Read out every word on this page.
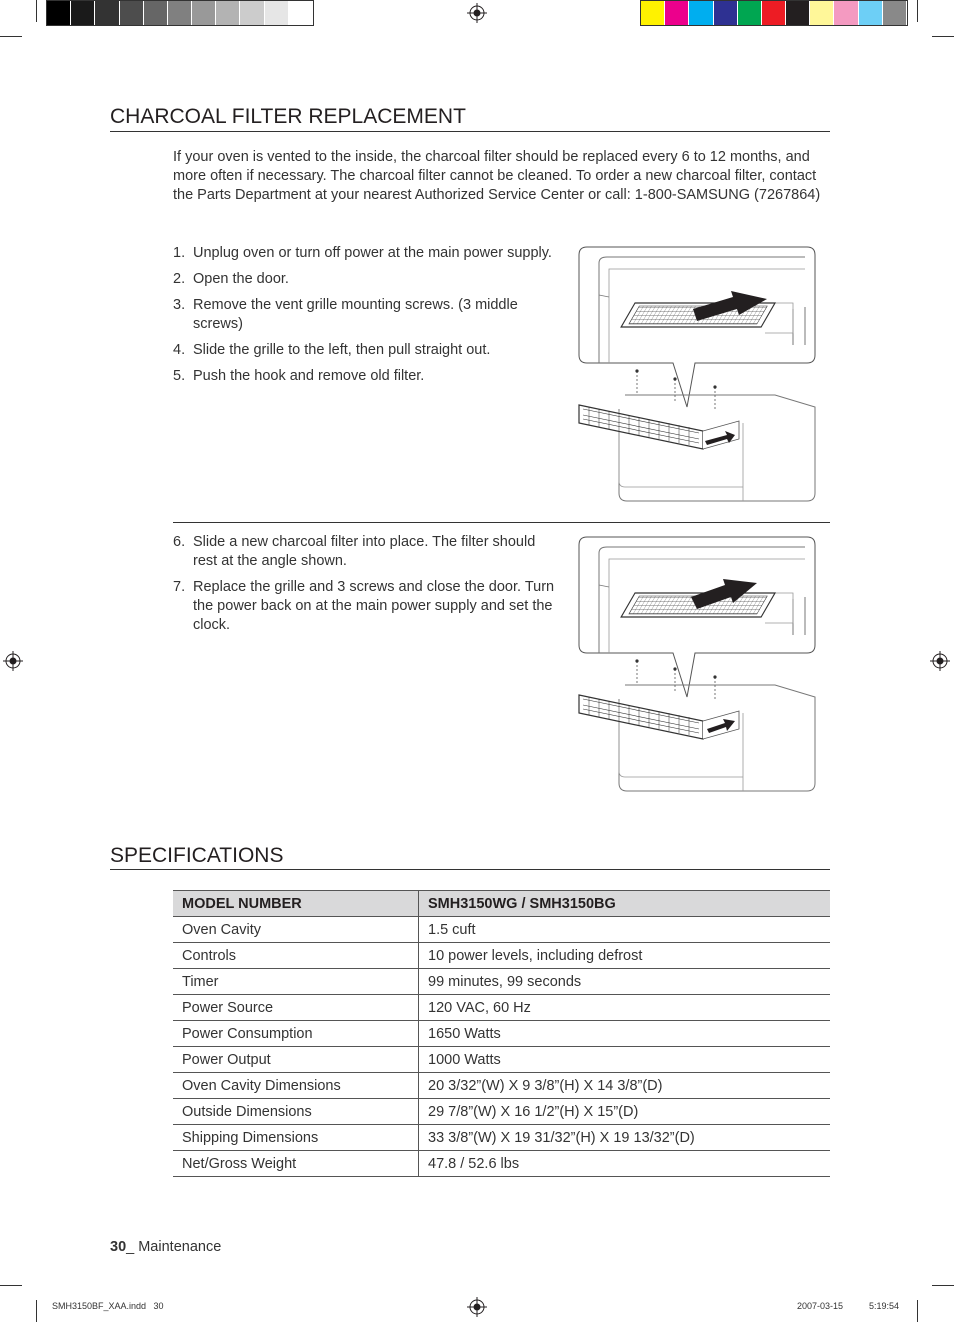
CHARCOAL FILTER REPLACEMENT
If your oven is vented to the inside, the charcoal filter should be replaced every 6 to 12 months, and more often if necessary. The charcoal filter cannot be cleaned. To order a new charcoal filter, contact the Parts Department at your nearest Authorized Service Center or call: 1-800-SAMSUNG (7267864)
1. Unplug oven or turn off power at the main power supply.
2. Open the door.
3. Remove the vent grille mounting screws. (3 middle screws)
4. Slide the grille to the left, then pull straight out.
5. Push the hook and remove old filter.
6. Slide a new charcoal filter into place. The filter should rest at the angle shown.
7. Replace the grille and 3 screws and close the door. Turn the power back on at the main power supply and set the clock.
SPECIFICATIONS
MODEL NUMBER	SMH3150WG / SMH3150BG
Oven Cavity	1.5 cuft
Controls	10 power levels, including defrost
Timer	99 minutes, 99 seconds
Power Source	120 VAC, 60 Hz
Power Consumption	1650 Watts
Power Output	1000 Watts
Oven Cavity Dimensions	20 3/32”(W) X 9 3/8”(H) X 14 3/8”(D)
Outside Dimensions	29 7/8”(W) X 16 1/2”(H) X 15”(D)
Shipping Dimensions	33 3/8”(W) X 19 31/32”(H) X 19 13/32”(D)
Net/Gross Weight	47.8 / 52.6 lbs
30_ Maintenance
SMH3150BF_XAA.indd   30	2007-03-15	5:19:54
